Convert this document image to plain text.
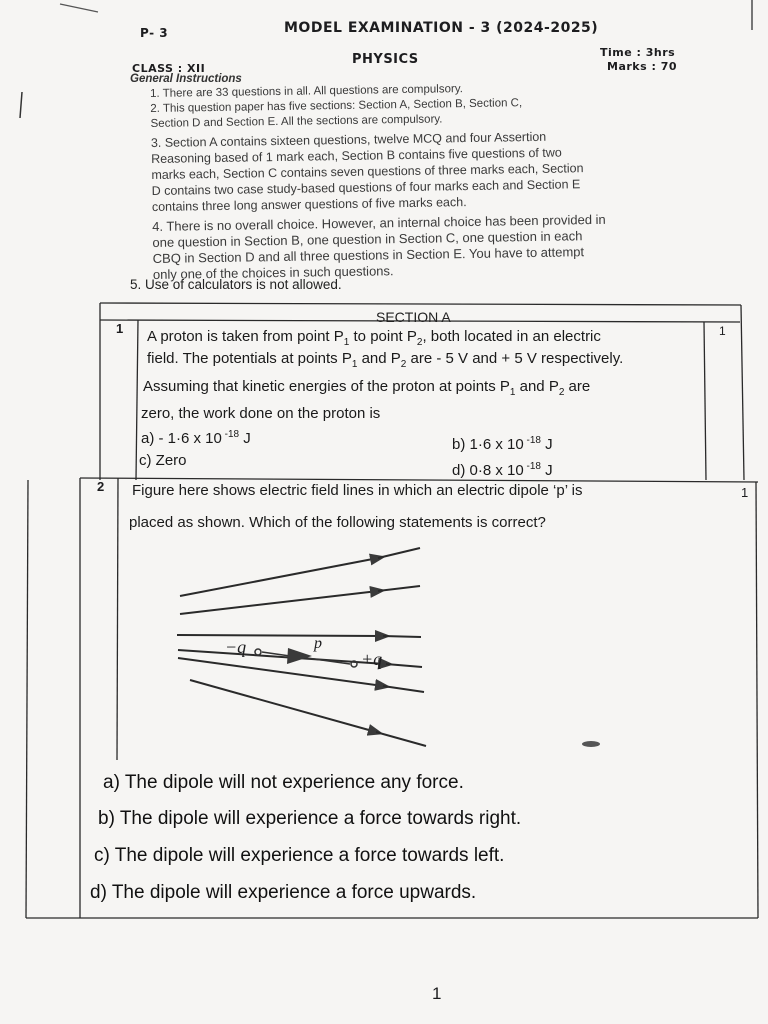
P- 3	MODEL EXAMINATION - 3 (2024-2025)
PHYSICS
CLASS : XII
Time : 3hrs
Marks : 70
General Instructions
1. There are 33 questions in all. All questions are compulsory.
2. This question paper has five sections: Section A, Section B, Section C,
Section D and Section E. All the sections are compulsory.
3. Section A contains sixteen questions, twelve MCQ and four Assertion
Reasoning based of 1 mark each, Section B contains five questions of two
marks each, Section C contains seven questions of three marks each, Section
D contains two case study-based questions of four marks each and Section E
contains three long answer questions of five marks each.
4. There is no overall choice. However, an internal choice has been provided in
one question in Section B, one question in Section C, one question in each
CBQ in Section D and all three questions in Section E. You have to attempt
only one of the choices in such questions.
5. Use of calculators is not allowed.
SECTION A
1	1
A proton is taken from point $P_1$ to point $P_2$, both located in an electric
field. The potentials at points $P_1$ and $P_2$ are - 5 V and + 5 V respectively.
Assuming that kinetic energies of the proton at points $P_1$ and $P_2$ are
zero, the work done on the proton is
a) - 1·6 x 10 $^{-18}$ J	b) 1·6 x 10 $^{-18}$ J
c) Zero
d) 0·8 x 10 $^{-18}$ J
2	1
Figure here shows electric field lines in which an electric dipole ‘p’ is
placed as shown. Which of the following statements is correct?
−q	p
+q
a) The dipole will not experience any force.
b) The dipole will experience a force towards right.
c) The dipole will experience a force towards left.
d) The dipole will experience a force upwards.
1
